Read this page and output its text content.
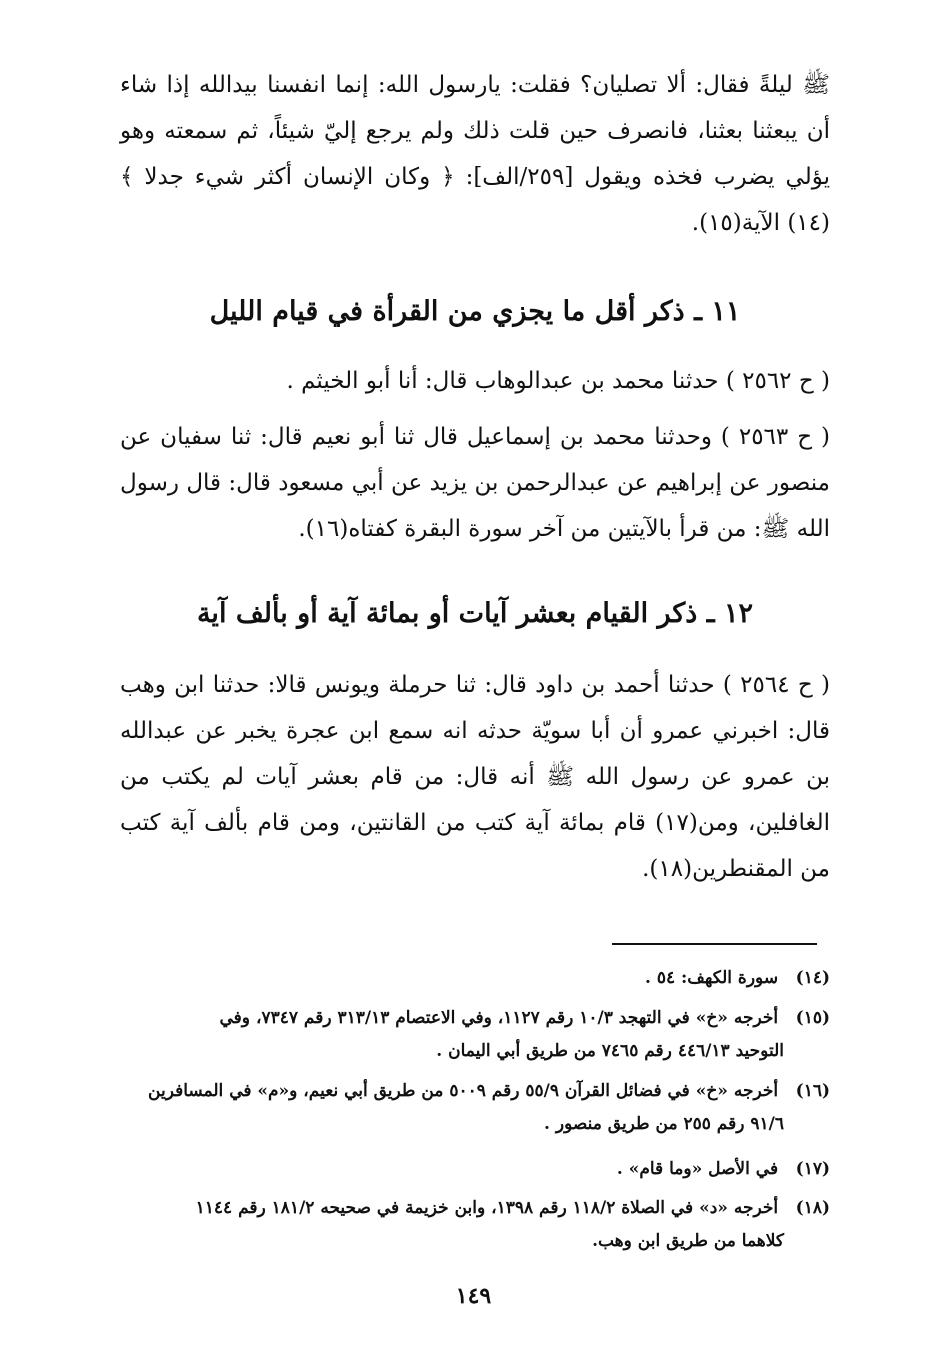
ﷺ ليلةً فقال: ألا تصليان؟ فقلت: يارسول الله: إنما انفسنا بيدالله إذا شاء أن يبعثنا بعثنا، فانصرف حين قلت ذلك ولم يرجع إليّ شيئاً، ثم سمعته وهو يؤلي يضرب فخذه ويقول [٢٥٩/الف]: ﴿ وكان الإنسان أكثر شيء جدلا ﴾(١٤) الآية(١٥).
١١ ـ ذكر أقل ما يجزي من القرأة في قيام الليل
( ح ٢٥٦٢ ) حدثنا محمد بن عبدالوهاب قال: أنا أبو الخيثم .
( ح ٢٥٦٣ ) وحدثنا محمد بن إسماعيل قال ثنا أبو نعيم قال: ثنا سفيان عن منصور عن إبراهيم عن عبدالرحمن بن يزيد عن أبي مسعود قال: قال رسول الله ﷺ: من قرأ بالآيتين من آخر سورة البقرة كفتاه(١٦).
١٢ ـ ذكر القيام بعشر آيات أو بمائة آية أو بألف آية
( ح ٢٥٦٤ ) حدثنا أحمد بن داود قال: ثنا حرملة ويونس قالا: حدثنا ابن وهب قال: اخبرني عمرو أن أبا سويّة حدثه انه سمع ابن عجرة يخبر عن عبدالله بن عمرو عن رسول الله ﷺ أنه قال: من قام بعشر آيات لم يكتب من الغافلين، ومن(١٧) قام بمائة آية كتب من القانتين، ومن قام بألف آية كتب من المقنطرين(١٨).
(١٤) سورة الكهف: ٥٤ .
(١٥) أخرجه «خ» في التهجد ١٠/٣ رقم ١١٢٧، وفي الاعتصام ٣١٣/١٣ رقم ٧٣٤٧، وفي
التوحيد ٤٤٦/١٣ رقم ٧٤٦٥ من طريق أبي اليمان .
(١٦) أخرجه «خ» في فضائل القرآن ٥٥/٩ رقم ٥٠٠٩ من طريق أبي نعيم، و«م» في المسافرين
٩١/٦ رقم ٢٥٥ من طريق منصور .
(١٧) في الأصل «وما قام» .
(١٨) أخرجه «د» في الصلاة ١١٨/٢ رقم ١٣٩٨، وابن خزيمة في صحيحه ١٨١/٢ رقم ١١٤٤
كلاهما من طريق ابن وهب.
١٤٩
